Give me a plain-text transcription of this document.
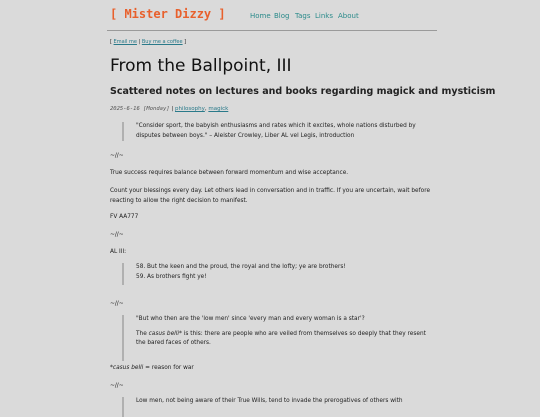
[ Mister Dizzy ]	Home Blog Tags Links About
[ Email me | Buy me a coffee ]
From the Ballpoint, III
Scattered notes on lectures and books regarding magick and mysticism
2025-6-16 [Monday] | philosophy, magick
"Consider sport, the babyish enthusiasms and rates which it excites, whole nations disturbed by disputes between boys." – Aleister Crowley, Liber AL vel Legis, introduction
~//~
True success requires balance between forward momentum and wise acceptance.
Count your blessings every day. Let others lead in conversation and in traffic. If you are uncertain, wait before reacting to allow the right decision to manifest.
FV AA777
~//~
AL III:
58. But the keen and the proud, the royal and the lofty; ye are brothers!
59. As brothers fight ye!
~//~
"But who then are the 'low men' since 'every man and every woman is a star'?
The casus belli* is this: there are people who are veiled from themselves so deeply that they resent the bared faces of others.
*casus belli = reason for war
~//~
Low men, not being aware of their True Wills, tend to invade the prerogatives of others with
